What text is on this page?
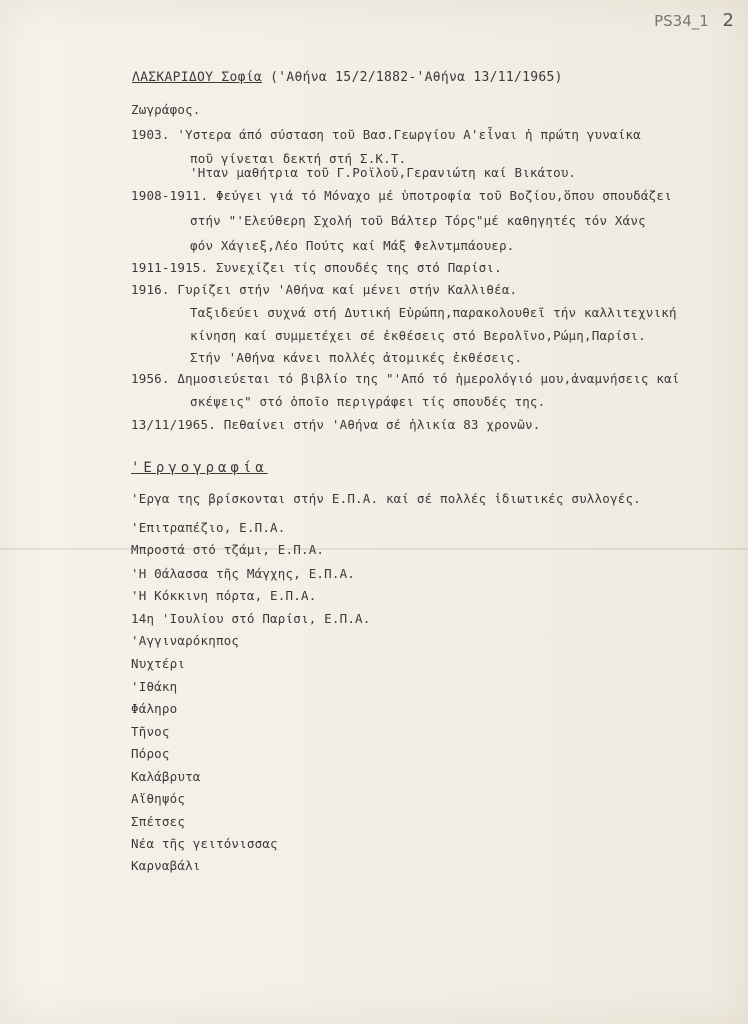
PS34_1 2
ΛΑΣΚΑΡΙΔΟΥ Σοφία ('Αθήνα 15/2/1882-'Αθήνα 13/11/1965)
Ζωγράφος.
1903. 'Υστερα άπό σύσταση τοῦ Βασ.Γεωργίου Α'εἶναι ἡ πρώτη γυναίκα
ποῦ γίνεται δεκτή στή Σ.Κ.Τ.
'Ηταν μαθήτρια τοῦ Γ.Ροϊλοῦ,Γερανιώτη καί Βικάτου.
1908-1911. Φεύγει γιά τό Μόναχο μέ ὑποτροφία τοῦ Βοζίου,ὅπου σπουδάζει
στήν "'Ελεύθερη Σχολή τοῦ Βάλτερ Τόρς"μέ καθηγητές τόν Χάνς
φόν Χάγιεξ,Λέο Πούτς καί Μάξ Φελντμπάουερ.
1911-1915. Συνεχίζει τίς σπουδές της στό Παρίσι.
1916. Γυρίζει στήν 'Αθήνα καί μένει στήν Καλλιθέα.
Ταξιδεύει συχνά στή Δυτική Εὐρώπη,παρακολουθεῖ τήν καλλιτεχνική
κίνηση καί συμμετέχει σέ ἐκθέσεις στό Βερολῖνο,Ρώμη,Παρίσι.
Στήν 'Αθήνα κάνει πολλές ἀτομικές ἐκθέσεις.
1956. Δημοσιεύεται τό βιβλίο της "'Από τό ἡμερολόγιό μου,ἀναμνήσεις καί
σκέψεις" στό ὁποῖο περιγράφει τίς σπουδές της.
13/11/1965. Πεθαίνει στήν 'Αθήνα σέ ἡλικία 83 χρονῶν.
'Εργογραφία
'Εργα της βρίσκονται στήν Ε.Π.Α. καί σέ πολλές ἰδιωτικές συλλογές.
'Επιτραπέζιο, Ε.Π.Α.
Μπροστά στό τζάμι, Ε.Π.Α.
'Η Θάλασσα τῆς Μάγχης, Ε.Π.Α.
'Η Κόκκινη πόρτα, Ε.Π.Α.
14η 'Ιουλίου στό Παρίσι, Ε.Π.Α.
'Αγγιναρόκηπος
Νυχτέρι
'Ιθάκη
Φάληρο
Τῆνος
Πόρος
Καλάβρυτα
Αἴθηψός
Σπέτσες
Νέα τῆς γειτόνισσας
Καρναβάλι
